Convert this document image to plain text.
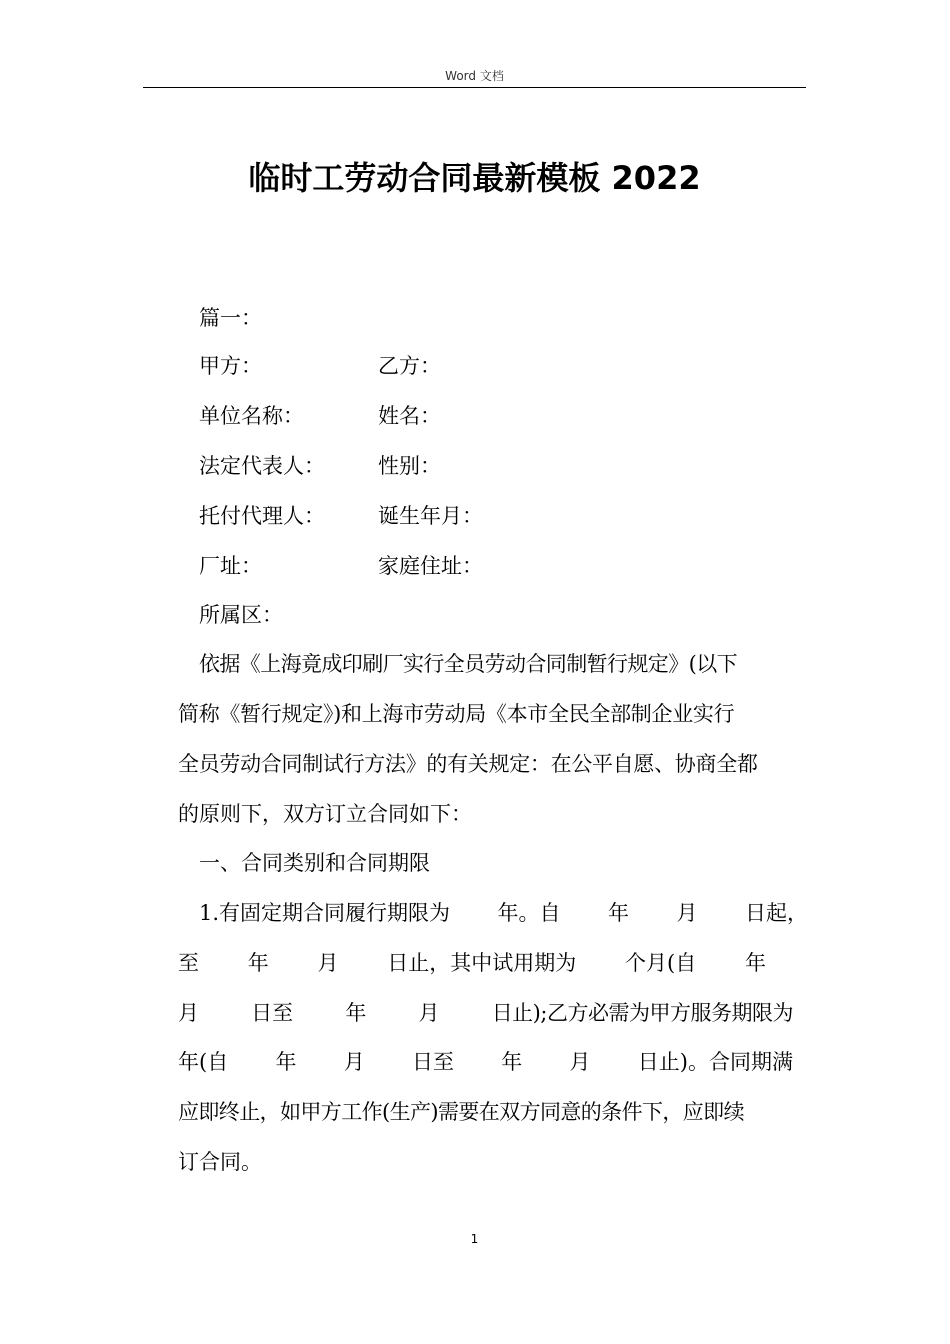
Word 文档
临时工劳动合同最新模板 2022
篇一：
甲方：	乙方：
单位名称：	姓名：
法定代表人：	性别：
托付代理人：	诞生年月：
厂址：	家庭住址：
所属区：
依据《上海竟成印刷厂实行全员劳动合同制暂行规定》(以下
简称《暂行规定》)和上海市劳动局《本市全民全部制企业实行
全员劳动合同制试行方法》的有关规定：在公平自愿、协商全都
的原则下，双方订立合同如下：
一、合同类别和合同期限
1.有固定期合同履行期限为 年。自 年 月 日起，
至 年 月 日止，其中试用期为 个月(自 年
月 日至 年 月 日止);乙方必需为甲方服务期限为
年(自 年 月 日至 年 月 日止)。合同期满
应即终止，如甲方工作(生产)需要在双方同意的条件下，应即续
订合同。
1
